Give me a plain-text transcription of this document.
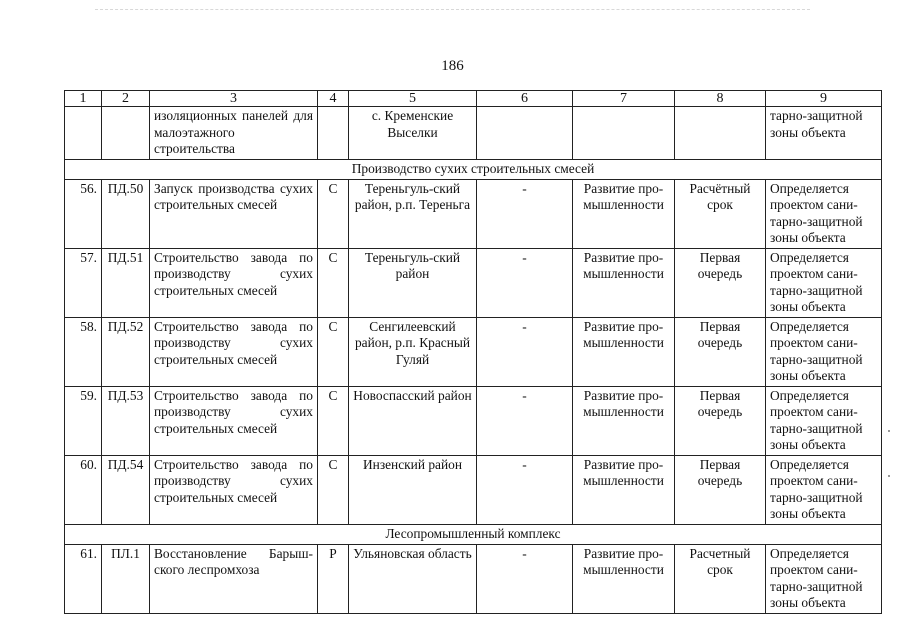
186
1	2	3	4	5	6	7	8	9
		изоляционных панелей для малоэтажного строительства		с. Кременские Выселки				тарно-защитной зоны объекта
Производство сухих строительных смесей								
56.	ПД.50	Запуск производства сухих строительных смесей	С	Тереньгуль-ский район, р.п. Тереньга	-	Развитие про-мышленности	Расчётный срок	Определяется проектом сани-тарно-защитной зоны объекта
57.	ПД.51	Строительство завода по производству сухих строительных смесей	С	Тереньгуль-ский район	-	Развитие про-мышленности	Первая очередь	Определяется проектом сани-тарно-защитной зоны объекта
58.	ПД.52	Строительство завода по производству сухих строительных смесей	С	Сенгилеевский район, р.п. Красный Гуляй	-	Развитие про-мышленности	Первая очередь	Определяется проектом сани-тарно-защитной зоны объекта
59.	ПД.53	Строительство завода по производству сухих строительных смесей	С	Новоспасский район	-	Развитие про-мышленности	Первая очередь	Определяется проектом сани-тарно-защитной зоны объекта
60.	ПД.54	Строительство завода по производству сухих строительных смесей	С	Инзенский район	-	Развитие про-мышленности	Первая очередь	Определяется проектом сани-тарно-защитной зоны объекта
Лесопромышленный комплекс								
61.	ПЛ.1	Восстановление Барыш-ского леспромхоза	Р	Ульяновская область	-	Развитие про-мышленности	Расчетный срок	Определяется проектом сани-тарно-защитной зоны объекта
